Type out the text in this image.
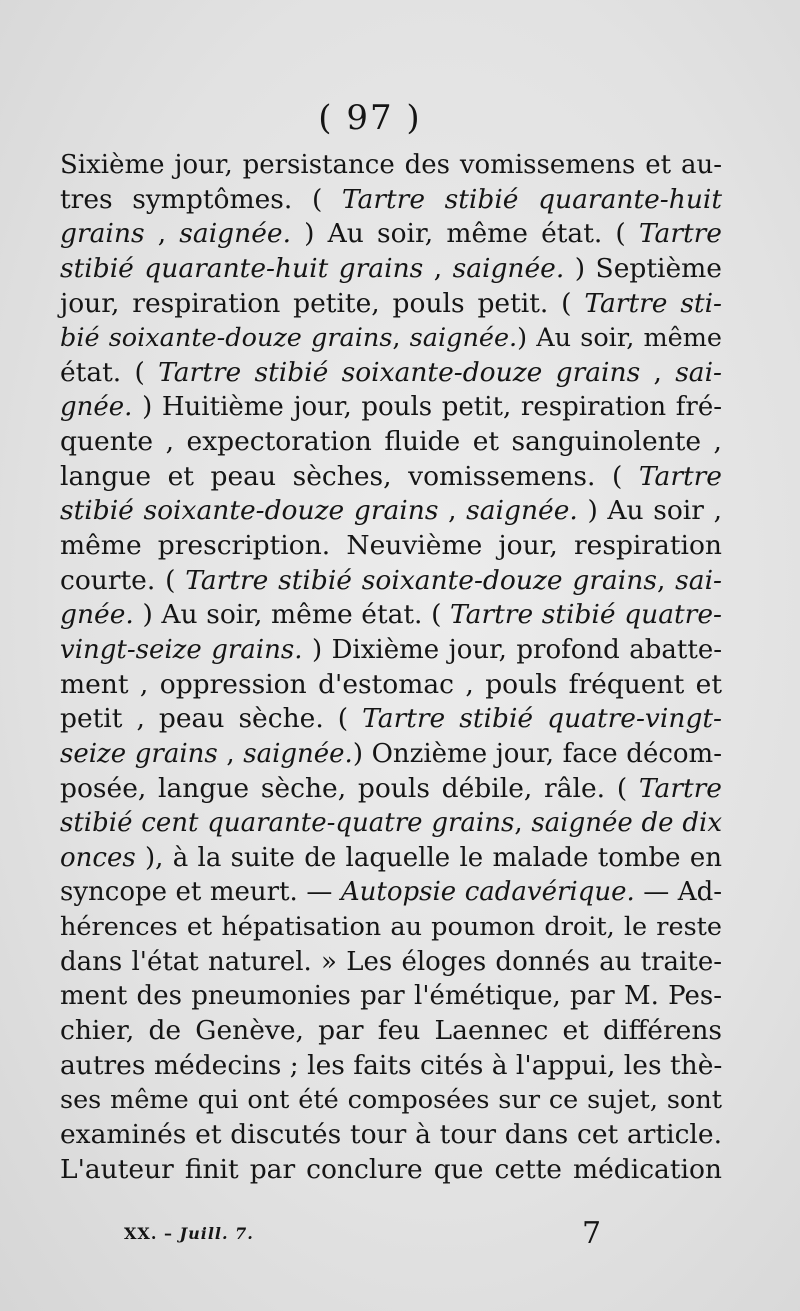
( 97 )
Sixième jour, persistance des vomissemens et au-
tres symptômes. ( Tartre stibié quarante-huit
grains , saignée. ) Au soir, même état. ( Tartre
stibié quarante-huit grains , saignée. ) Septième
jour, respiration petite, pouls petit. ( Tartre sti-
bié soixante-douze grains, saignée.) Au soir, même
état. ( Tartre stibié soixante-douze grains , sai-
gnée. ) Huitième jour, pouls petit, respiration fré-
quente , expectoration fluide et sanguinolente ,
langue et peau sèches, vomissemens. ( Tartre
stibié soixante-douze grains , saignée. ) Au soir ,
même prescription. Neuvième jour, respiration
courte. ( Tartre stibié soixante-douze grains, sai-
gnée. ) Au soir, même état. ( Tartre stibié quatre-
vingt-seize grains. ) Dixième jour, profond abatte-
ment , oppression d'estomac , pouls fréquent et
petit , peau sèche. ( Tartre stibié quatre-vingt-
seize grains , saignée.) Onzième jour, face décom-
posée, langue sèche, pouls débile, râle. ( Tartre
stibié cent quarante-quatre grains, saignée de dix
onces ), à la suite de laquelle le malade tombe en
syncope et meurt. — Autopsie cadavérique. — Ad-
hérences et hépatisation au poumon droit, le reste
dans l'état naturel. » Les éloges donnés au traite-
ment des pneumonies par l'émétique, par M. Pes-
chier, de Genève, par feu Laennec et différens
autres médecins ; les faits cités à l'appui, les thè-
ses même qui ont été composées sur ce sujet, sont
examinés et discutés tour à tour dans cet article.
L'auteur finit par conclure que cette médication
XX. – Juill. 7.	7
